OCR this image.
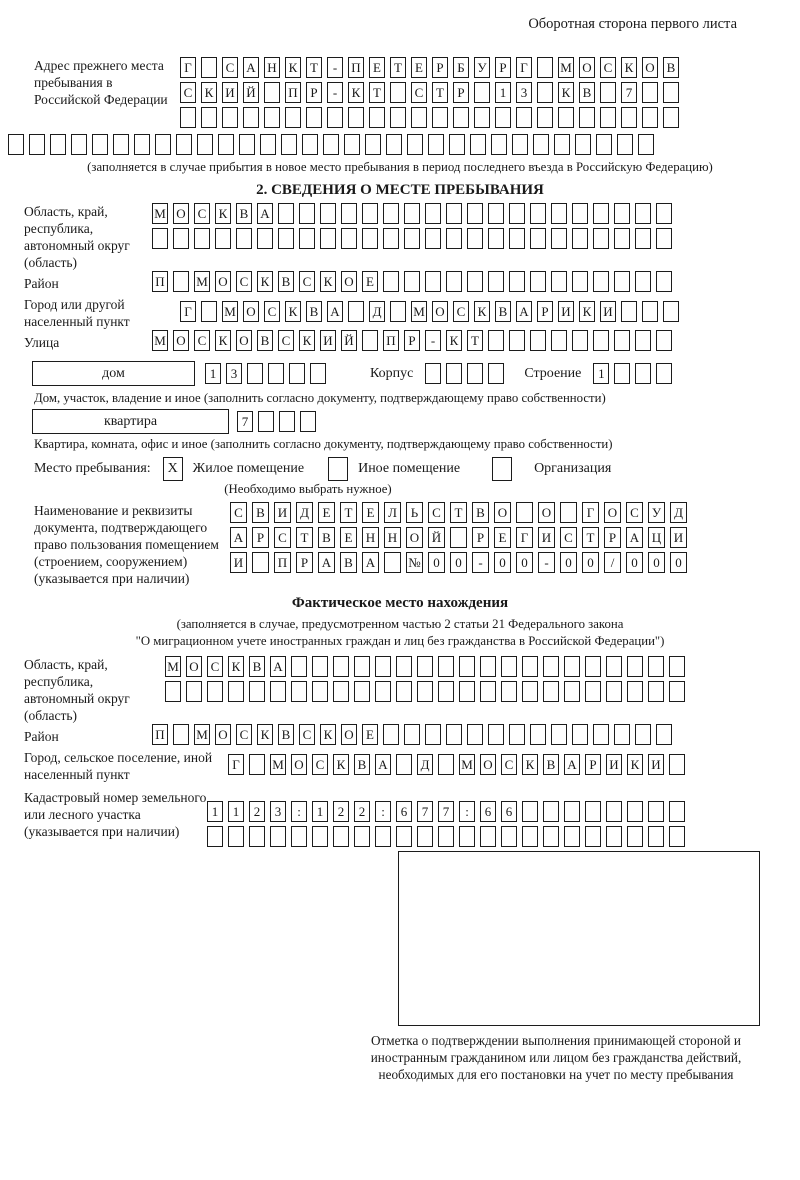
Оборотная сторона первого листа
Адрес прежнего места пребывания в Российской Федерации
Г	С А Н К Т	-	П Е	Т	Е	Р	Б У Р	Г	М О С К О В
С К И Й	П Р	-	К Т	С Т	Р	1	3	К В	7
(заполняется в случае прибытия в новое место пребывания в период последнего въезда в Российскую Федерацию)
2. СВЕДЕНИЯ О МЕСТЕ ПРЕБЫВАНИЯ
Область, край, республика, автономный округ (область)
М О С К В А
Район	П М О С К В С К О Е
Город или другой населенный пункт
Г	М О С К В А	Д М О С К В А Р И К И
Улица	М О С К О В С К И Й	П Р	-	К Т
дом	1	3	Корпус	Строение	1
Дом, участок, владение и иное (заполнить согласно документу, подтверждающему право собственности)
квартира	7
Квартира, комната, офис и иное (заполнить согласно документу, подтверждающему право собственности)
Место пребывания:	X	Жилое помещение	Иное помещение	Организация
(Необходимо выбрать нужное)
Наименование и реквизиты документа, подтверждающего право пользования помещением (строением, сооружением) (указывается при наличии)
С	В И Д	Е	Т	Е	Л	Ь	С	Т	В О	О	Г	О С	У Д
А	Р	С	Т	В	Е	Н Н О Й	Р	Е	Г	И С	Т	Р	А Ц И
И	П	Р	А В А	№ 0	0	-	0	0	-	0	0	/	0	0	0
Фактическое место нахождения
(заполняется в случае, предусмотренном частью 2 статьи 21 Федерального закона
"О миграционном учете иностранных граждан и лиц без гражданства в Российской Федерации")
Область, край, республика, автономный округ (область)
М О С К В А
Район	П М О С К В С К О Е
Город, сельское поселение, иной населенный пункт
Г	М О С К В А	Д М О С К В А Р И К И
Кадастровый номер земельного или лесного участка (указывается при наличии)
1	1	2	3	:	1	2	2	:	6	7	7	:	6	6
Отметка о подтверждении выполнения принимающей стороной и иностранным гражданином или лицом без гражданства действий, необходимых для его постановки на учет по месту пребывания
